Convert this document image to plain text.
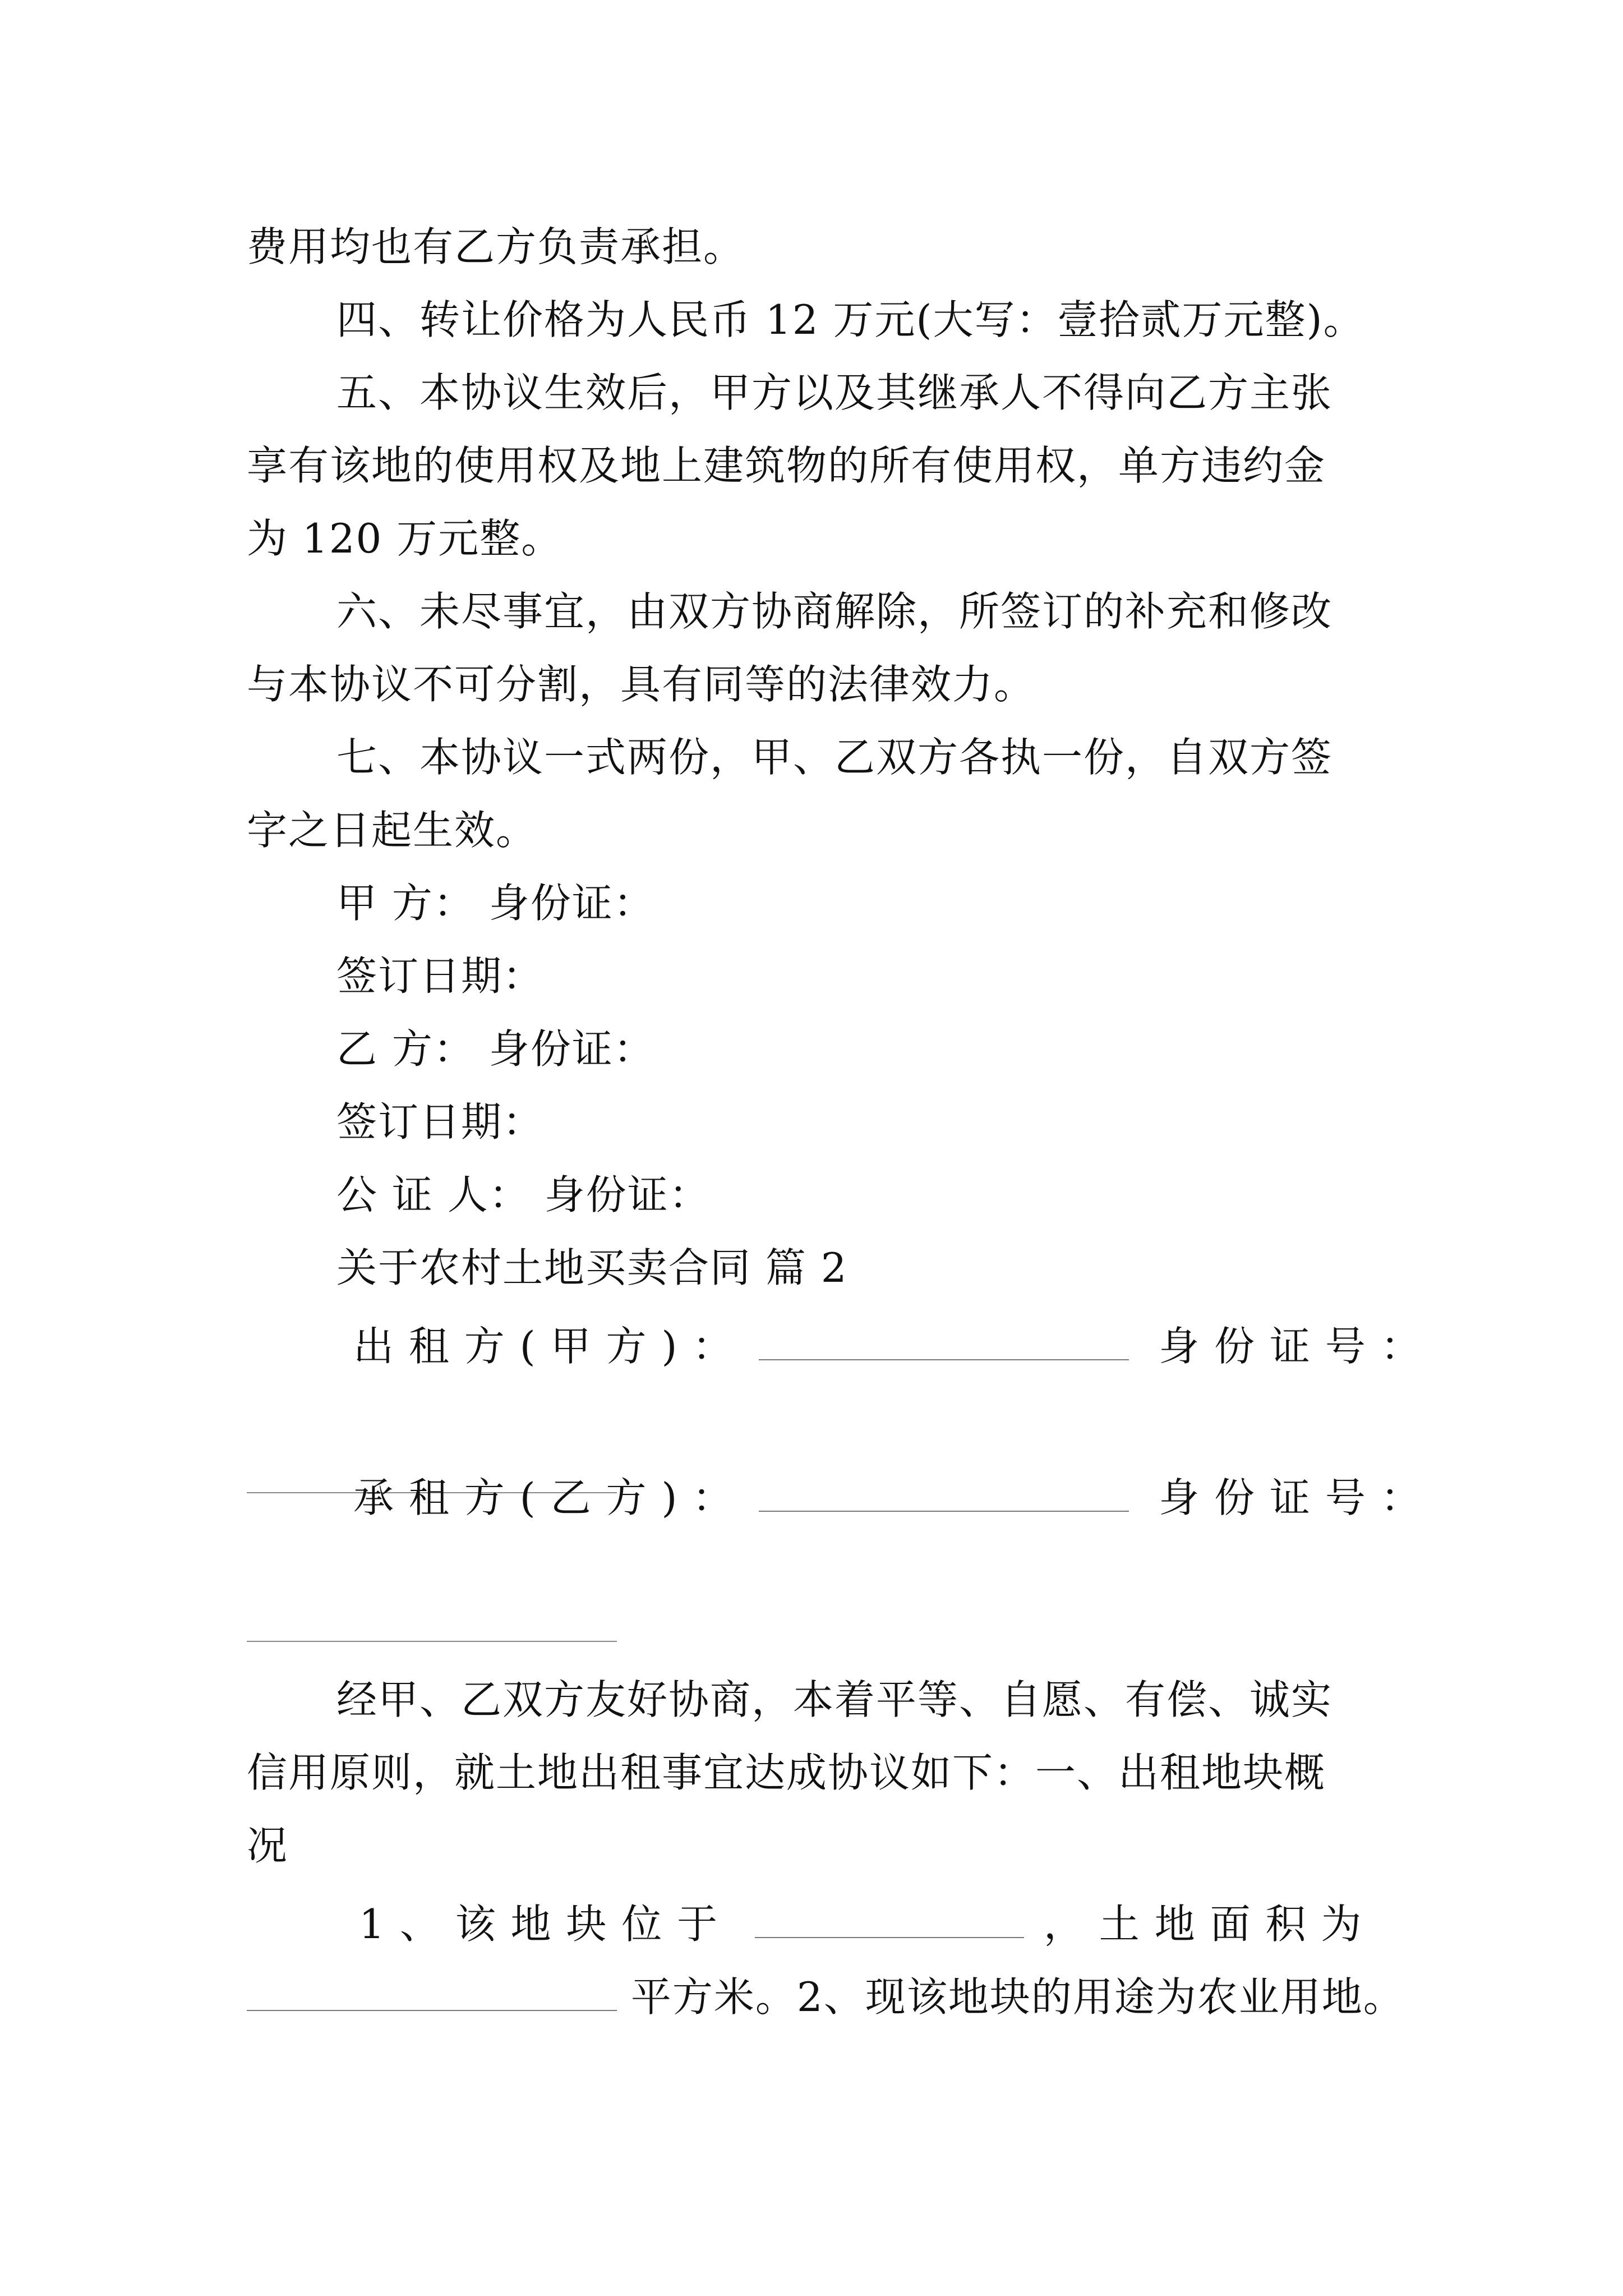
费用均也有乙方负责承担。
四、转让价格为人民币 12 万元(大写：壹拾贰万元整)。
五、本协议生效后，甲方以及其继承人不得向乙方主张
享有该地的使用权及地上建筑物的所有使用权，单方违约金
为 120 万元整。
六、未尽事宜，由双方协商解除，所签订的补充和修改
与本协议不可分割，具有同等的法律效力。
七、本协议一式两份，甲、乙双方各执一份，自双方签
字之日起生效。
甲 方： 身份证：
签订日期：
乙 方： 身份证：
签订日期：
公 证 人： 身份证：
关于农村土地买卖合同 篇 2
出 租 方 ( 甲 方 ) ：	身 份 证 号 ：
承 租 方 ( 乙 方 ) ：	身 份 证 号 ：
经甲、乙双方友好协商，本着平等、自愿、有偿、诚实
信用原则，就土地出租事宜达成协议如下：一、出租地块概
况
1 、 该 地 块 位 于	， 土 地 面 积 为
平方米。2、现该地块的用途为农业用地。
